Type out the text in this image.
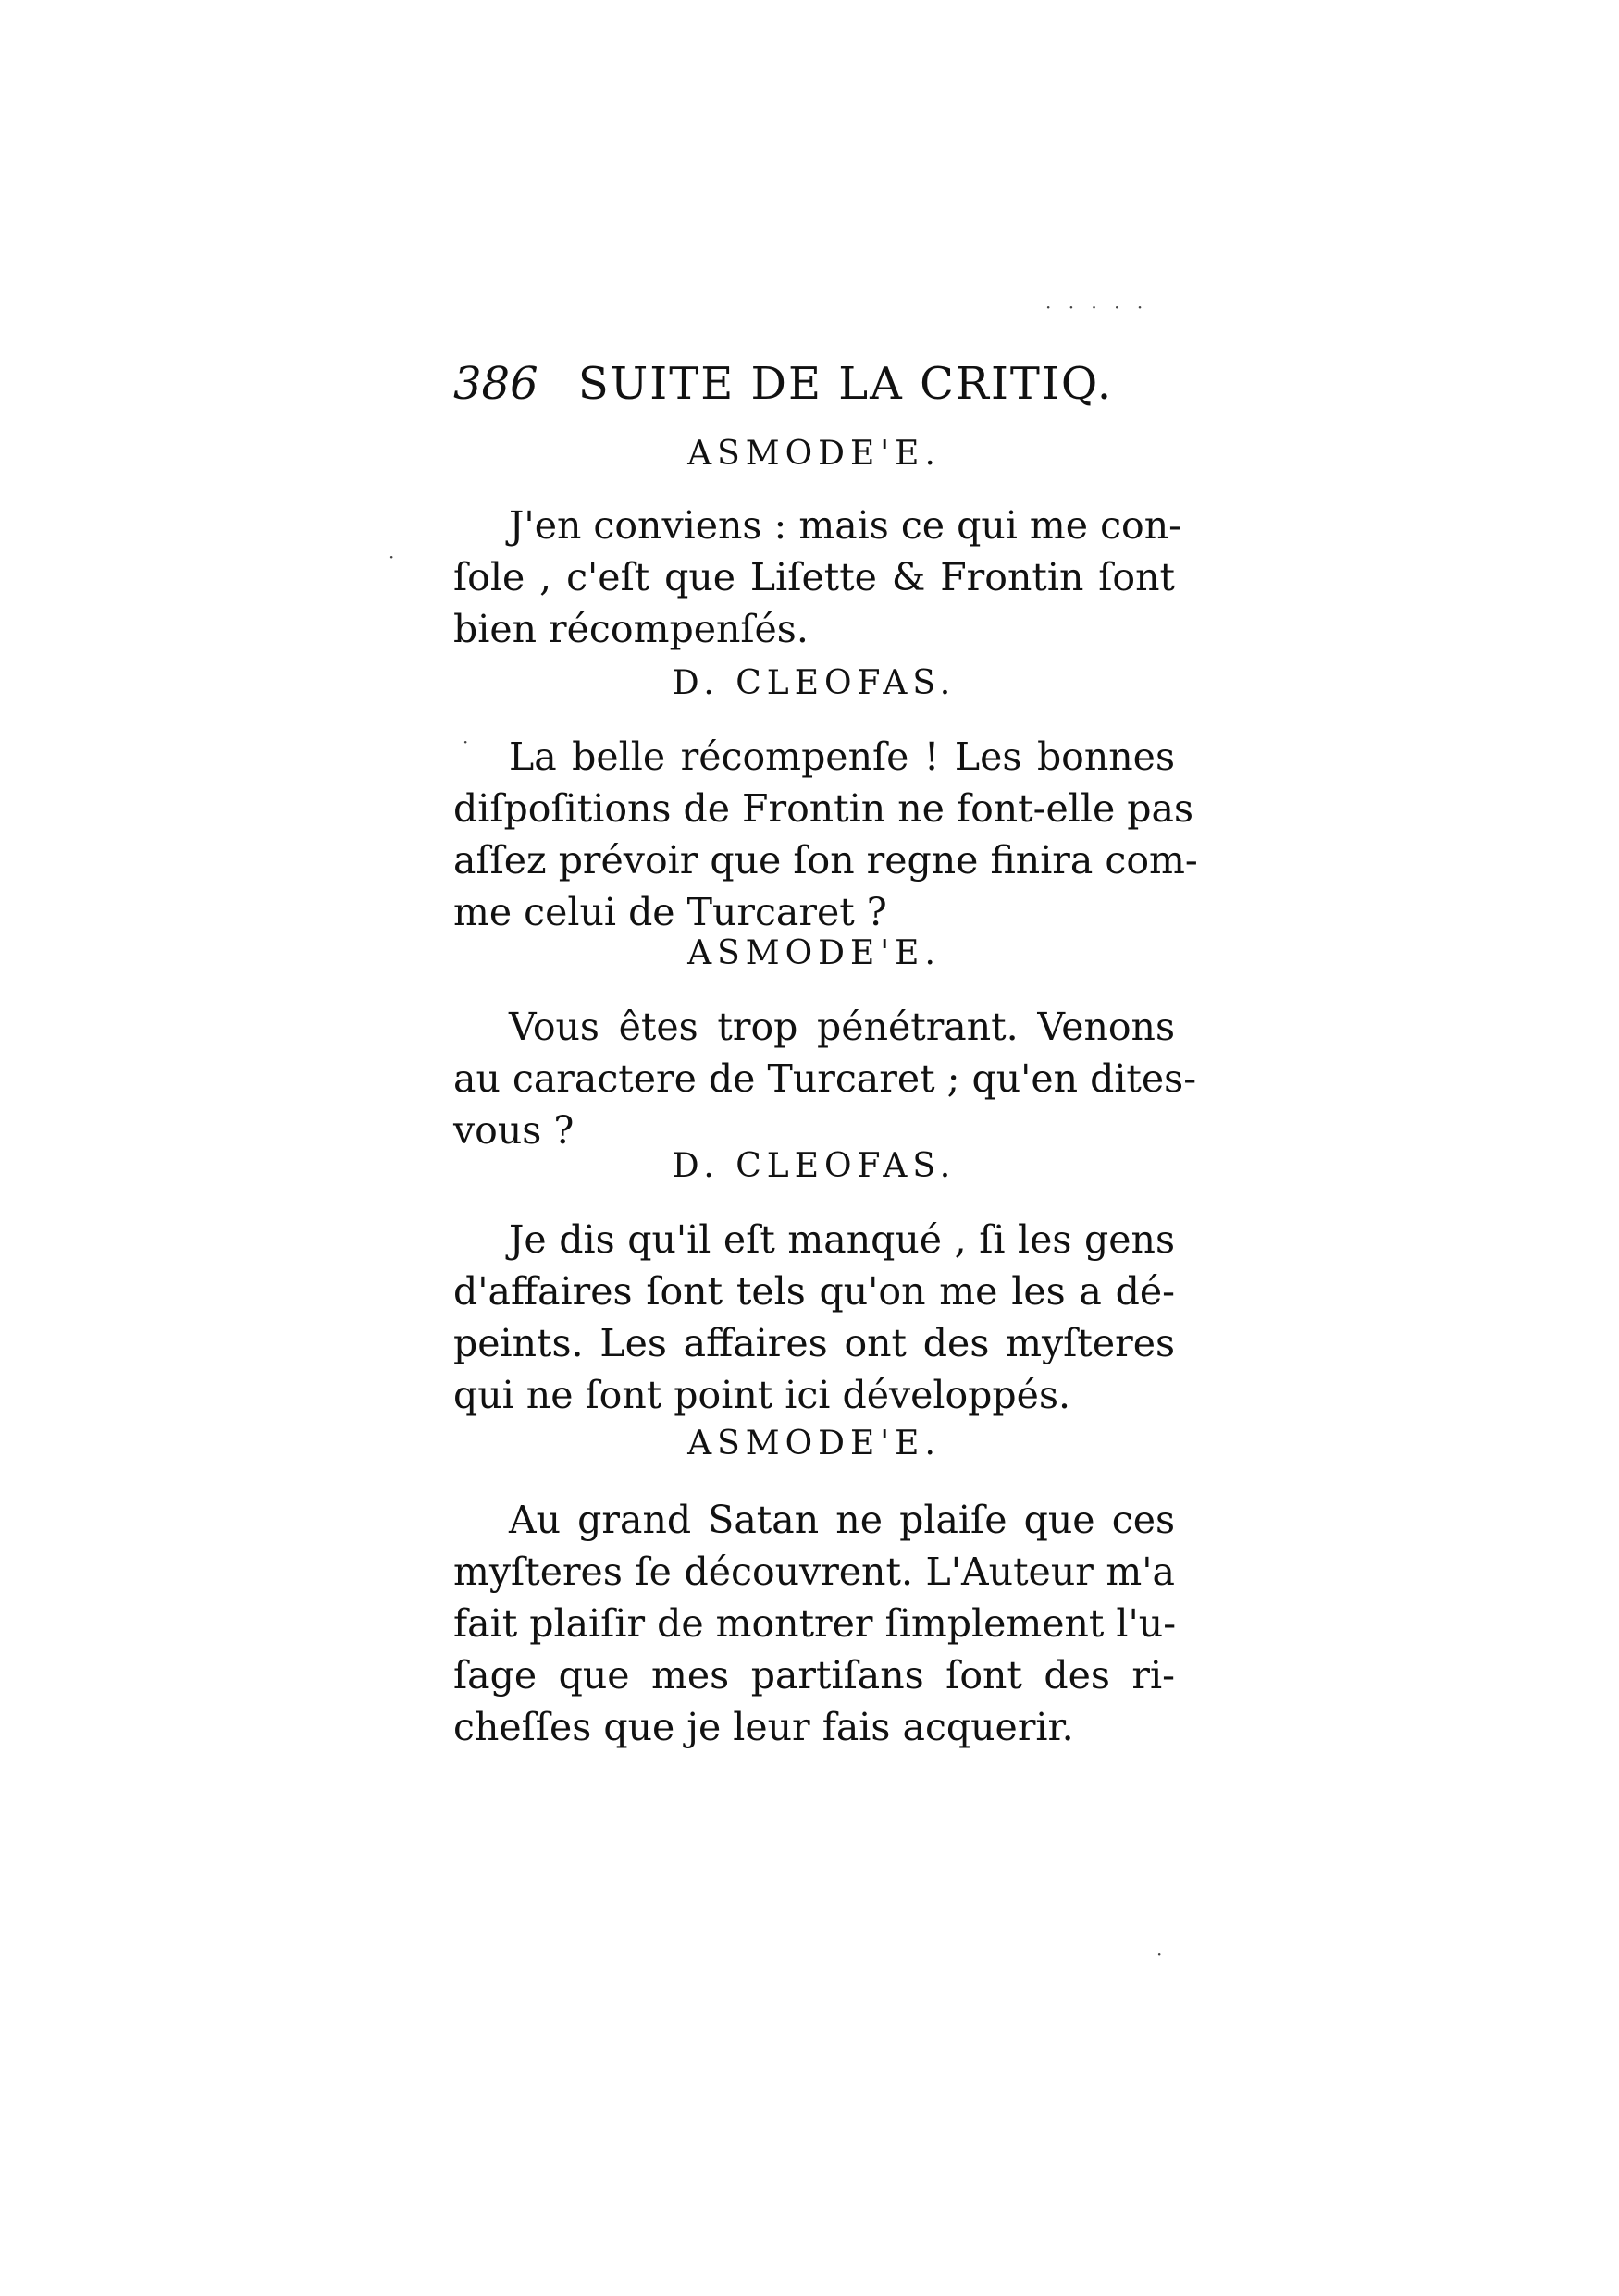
386 SUITE DE LA CRITIQ.
ASMODE'E.
J'en conviens : mais ce qui me con-
ſole , c'eſt que Liſette & Frontin ſont
bien récompenſés.
D. CLEOFAS.
La belle récompenſe ! Les bonnes
diſpoſitions de Frontin ne font-elle pas
aſſez prévoir que ſon regne finira com-
me celui de Turcaret ?
ASMODE'E.
Vous êtes trop pénétrant. Venons
au caractere de Turcaret ; qu'en dites-
vous ?
D. CLEOFAS.
Je dis qu'il eſt manqué , ſi les gens
d'affaires ſont tels qu'on me les a dé-
peints. Les affaires ont des myſteres
qui ne ſont point ici développés.
ASMODE'E.
Au grand Satan ne plaiſe que ces
myſteres ſe découvrent. L'Auteur m'a
fait plaiſir de montrer ſimplement l'u-
ſage que mes partiſans ſont des ri-
cheſſes que je leur fais acquerir.
· · · · ·
·
·
·
